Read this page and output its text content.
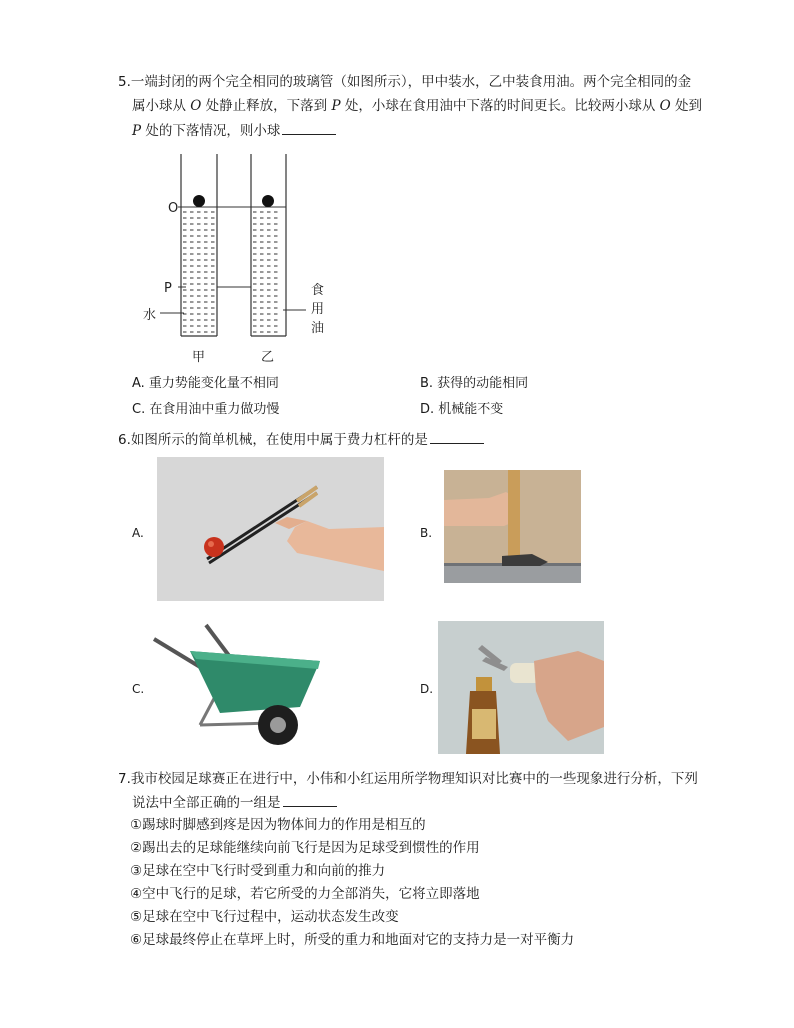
5.一端封闭的两个完全相同的玻璃管（如图所示），甲中装水，乙中装食用油。两个完全相同的金
属小球从 O 处静止释放，下落到 P 处，小球在食用油中下落的时间更长。比较两小球从 O 处到
P 处的下落情况，则小球
O
P
水
食
用
油
甲	乙
A. 重力势能变化量不相同	B. 获得的动能相同
C. 在食用油中重力做功慢	D. 机械能不变
6.如图所示的简单机械，在使用中属于费力杠杆的是
A.	B.
C.	D.
7.我市校园足球赛正在进行中，小伟和小红运用所学物理知识对比赛中的一些现象进行分析，下列
说法中全部正确的一组是
①踢球时脚感到疼是因为物体间力的作用是相互的
②踢出去的足球能继续向前飞行是因为足球受到惯性的作用
③足球在空中飞行时受到重力和向前的推力
④空中飞行的足球，若它所受的力全部消失，它将立即落地
⑤足球在空中飞行过程中，运动状态发生改变
⑥足球最终停止在草坪上时，所受的重力和地面对它的支持力是一对平衡力
